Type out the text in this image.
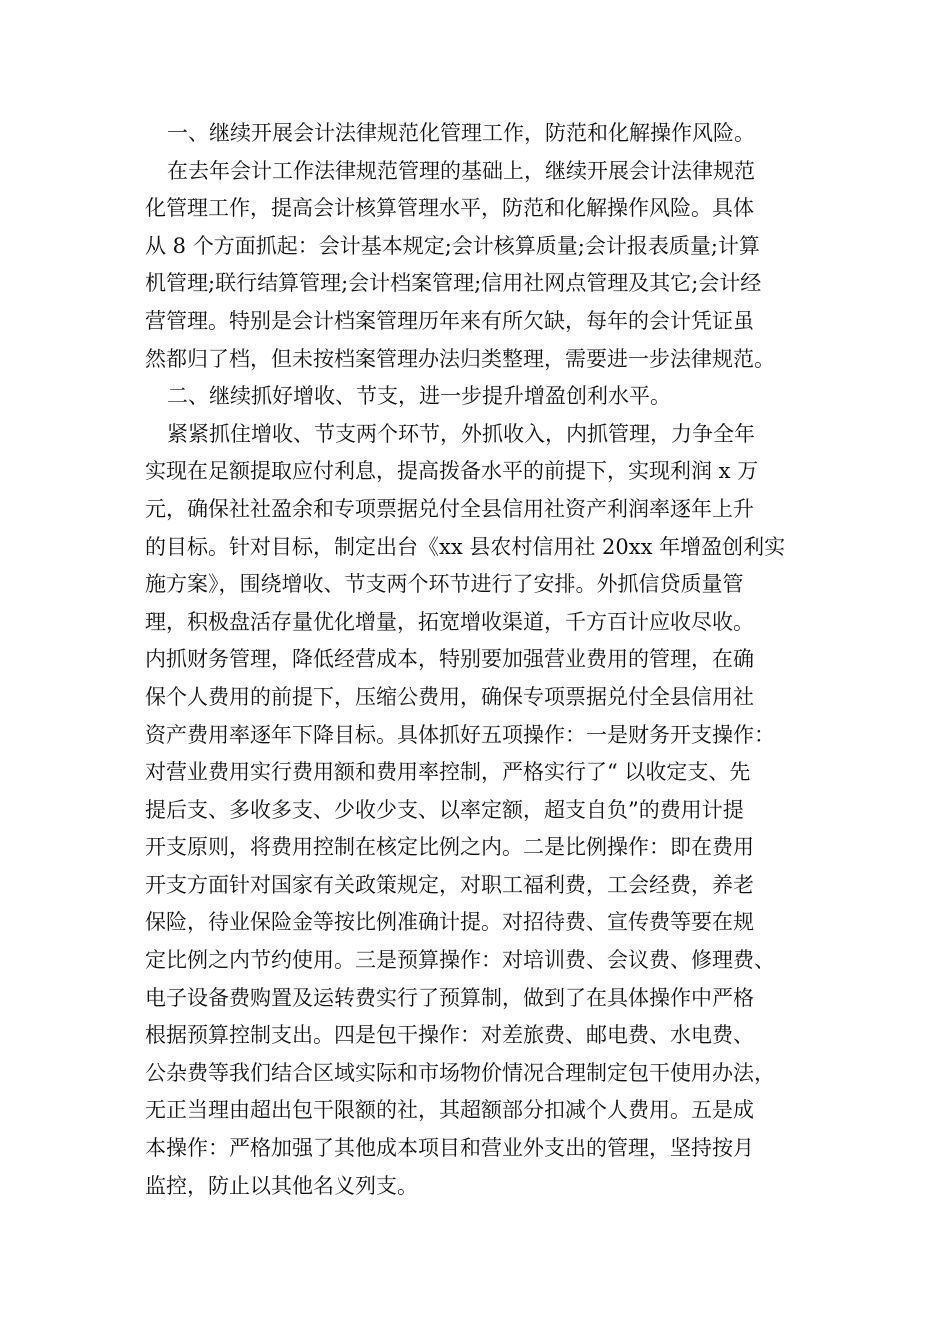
一、继续开展会计法律规范化管理工作，防范和化解操作风险。
在去年会计工作法律规范管理的基础上，继续开展会计法律规范
化管理工作，提高会计核算管理水平，防范和化解操作风险。具体
从 8 个方面抓起：会计基本规定;会计核算质量;会计报表质量;计算
机管理;联行结算管理;会计档案管理;信用社网点管理及其它;会计经
营管理。特别是会计档案管理历年来有所欠缺，每年的会计凭证虽
然都归了档，但未按档案管理办法归类整理，需要进一步法律规范。
二、继续抓好增收、节支，进一步提升增盈创利水平。
紧紧抓住增收、节支两个环节，外抓收入，内抓管理，力争全年
实现在足额提取应付利息，提高拨备水平的前提下，实现利润 x 万
元，确保社社盈余和专项票据兑付全县信用社资产利润率逐年上升
的目标。针对目标，制定出台《xx 县农村信用社 20xx 年增盈创利实
施方案》，围绕增收、节支两个环节进行了安排。外抓信贷质量管
理，积极盘活存量优化增量，拓宽增收渠道，千方百计应收尽收。
内抓财务管理，降低经营成本，特别要加强营业费用的管理，在确
保个人费用的前提下，压缩公费用，确保专项票据兑付全县信用社
资产费用率逐年下降目标。具体抓好五项操作：一是财务开支操作：
对营业费用实行费用额和费用率控制，严格实行了“ 以收定支、先
提后支、多收多支、少收少支、以率定额，超支自负”的费用计提
开支原则，将费用控制在核定比例之内。二是比例操作：即在费用
开支方面针对国家有关政策规定，对职工福利费，工会经费，养老
保险，待业保险金等按比例准确计提。对招待费、宣传费等要在规
定比例之内节约使用。三是预算操作：对培训费、会议费、修理费、
电子设备费购置及运转费实行了预算制，做到了在具体操作中严格
根据预算控制支出。四是包干操作：对差旅费、邮电费、水电费、
公杂费等我们结合区域实际和市场物价情况合理制定包干使用办法，
无正当理由超出包干限额的社，其超额部分扣减个人费用。五是成
本操作：严格加强了其他成本项目和营业外支出的管理，坚持按月
监控，防止以其他名义列支。
